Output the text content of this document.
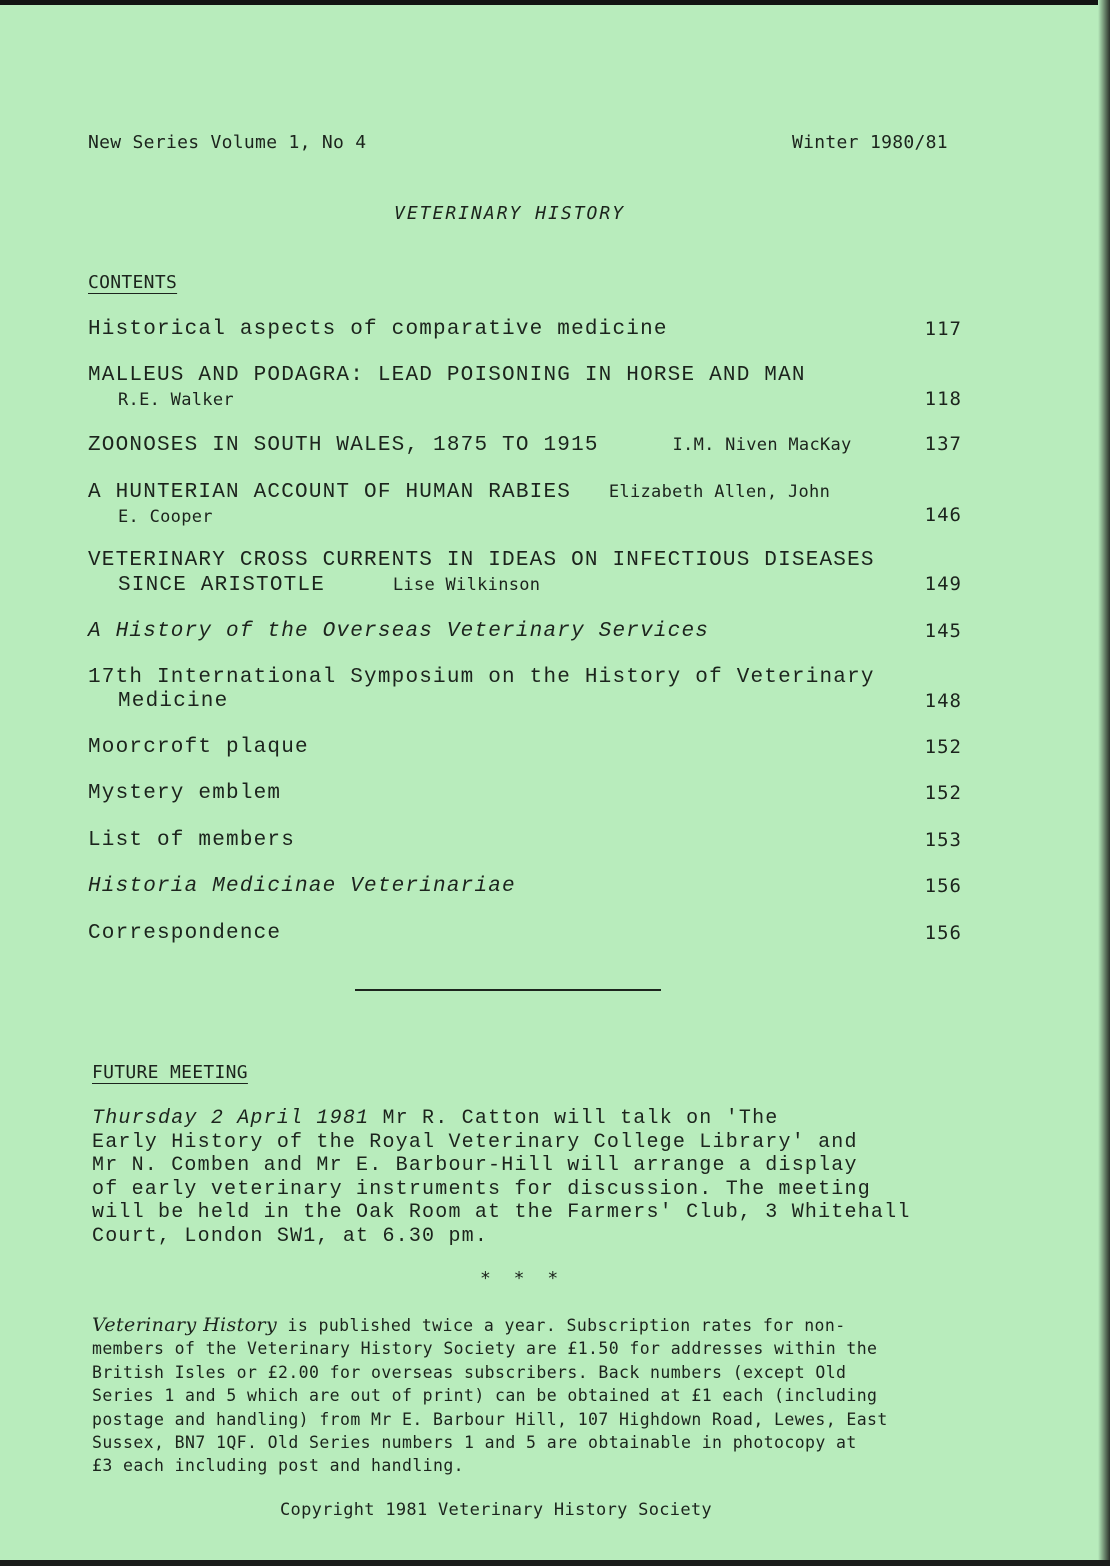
New Series Volume 1, No 4	Winter 1980/81
VETERINARY HISTORY
CONTENTS
Historical aspects of comparative medicine	117
MALLEUS AND PODAGRA: LEAD POISONING IN HORSE AND MAN
R.E. Walker	118
ZOONOSES IN SOUTH WALES, 1875 TO 1915	I.M. Niven MacKay	137
A HUNTERIAN ACCOUNT OF HUMAN RABIES Elizabeth Allen, John
E. Cooper	146
VETERINARY CROSS CURRENTS IN IDEAS ON INFECTIOUS DISEASES
SINCE ARISTOTLE	Lise Wilkinson	149
A History of the Overseas Veterinary Services	145
17th International Symposium on the History of Veterinary
Medicine	148
Moorcroft plaque	152
Mystery emblem	152
List of members	153
Historia Medicinae Veterinariae	156
Correspondence	156
FUTURE MEETING
Thursday 2 April 1981 Mr R. Catton will talk on 'The
Early History of the Royal Veterinary College Library' and
Mr N. Comben and Mr E. Barbour-Hill will arrange a display
of early veterinary instruments for discussion. The meeting
will be held in the Oak Room at the Farmers' Club, 3 Whitehall
Court, London SW1, at 6.30 pm.
* * *
Veterinary History is published twice a year. Subscription rates for non-
members of the Veterinary History Society are £1.50 for addresses within the
British Isles or £2.00 for overseas subscribers. Back numbers (except Old
Series 1 and 5 which are out of print) can be obtained at £1 each (including
postage and handling) from Mr E. Barbour Hill, 107 Highdown Road, Lewes, East
Sussex, BN7 1QF. Old Series numbers 1 and 5 are obtainable in photocopy at
£3 each including post and handling.
Copyright 1981 Veterinary History Society
